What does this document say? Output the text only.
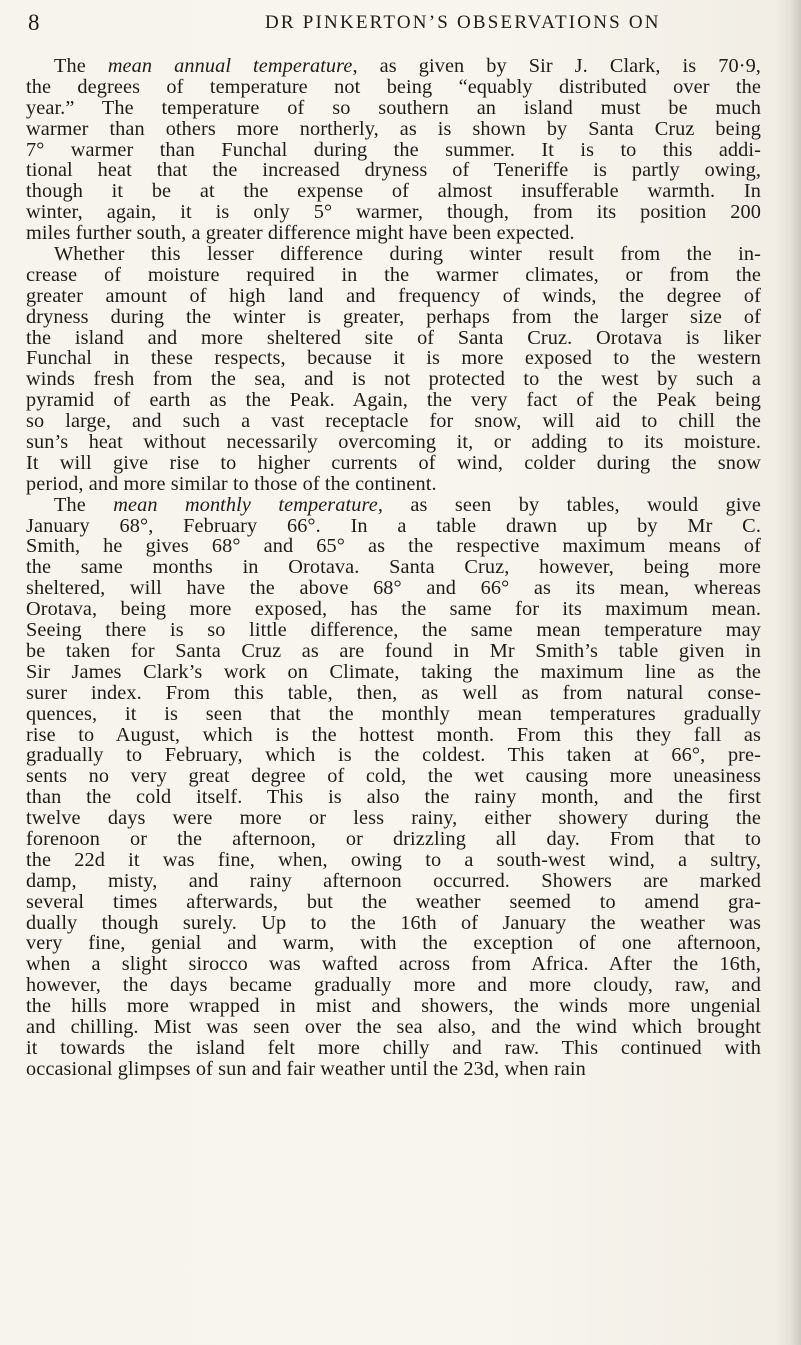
8	DR PINKERTON’S OBSERVATIONS ON
The mean annual temperature, as given by Sir J. Clark, is 70·9,
the degrees of temperature not being “equably distributed over the
year.” The temperature of so southern an island must be much
warmer than others more northerly, as is shown by Santa Cruz being
7° warmer than Funchal during the summer. It is to this addi-
tional heat that the increased dryness of Teneriffe is partly owing,
though it be at the expense of almost insufferable warmth. In
winter, again, it is only 5° warmer, though, from its position 200
miles further south, a greater difference might have been expected.
Whether this lesser difference during winter result from the in-
crease of moisture required in the warmer climates, or from the
greater amount of high land and frequency of winds, the degree of
dryness during the winter is greater, perhaps from the larger size of
the island and more sheltered site of Santa Cruz. Orotava is liker
Funchal in these respects, because it is more exposed to the western
winds fresh from the sea, and is not protected to the west by such a
pyramid of earth as the Peak. Again, the very fact of the Peak being
so large, and such a vast receptacle for snow, will aid to chill the
sun’s heat without necessarily overcoming it, or adding to its moisture.
It will give rise to higher currents of wind, colder during the snow
period, and more similar to those of the continent.
The mean monthly temperature, as seen by tables, would give
January 68°, February 66°. In a table drawn up by Mr C.
Smith, he gives 68° and 65° as the respective maximum means of
the same months in Orotava. Santa Cruz, however, being more
sheltered, will have the above 68° and 66° as its mean, whereas
Orotava, being more exposed, has the same for its maximum mean.
Seeing there is so little difference, the same mean temperature may
be taken for Santa Cruz as are found in Mr Smith’s table given in
Sir James Clark’s work on Climate, taking the maximum line as the
surer index. From this table, then, as well as from natural conse-
quences, it is seen that the monthly mean temperatures gradually
rise to August, which is the hottest month. From this they fall as
gradually to February, which is the coldest. This taken at 66°, pre-
sents no very great degree of cold, the wet causing more uneasiness
than the cold itself. This is also the rainy month, and the first
twelve days were more or less rainy, either showery during the
forenoon or the afternoon, or drizzling all day. From that to
the 22d it was fine, when, owing to a south-west wind, a sultry,
damp, misty, and rainy afternoon occurred. Showers are marked
several times afterwards, but the weather seemed to amend gra-
dually though surely. Up to the 16th of January the weather was
very fine, genial and warm, with the exception of one afternoon,
when a slight sirocco was wafted across from Africa. After the 16th,
however, the days became gradually more and more cloudy, raw, and
the hills more wrapped in mist and showers, the winds more ungenial
and chilling. Mist was seen over the sea also, and the wind which brought
it towards the island felt more chilly and raw. This continued with
occasional glimpses of sun and fair weather until the 23d, when rain
